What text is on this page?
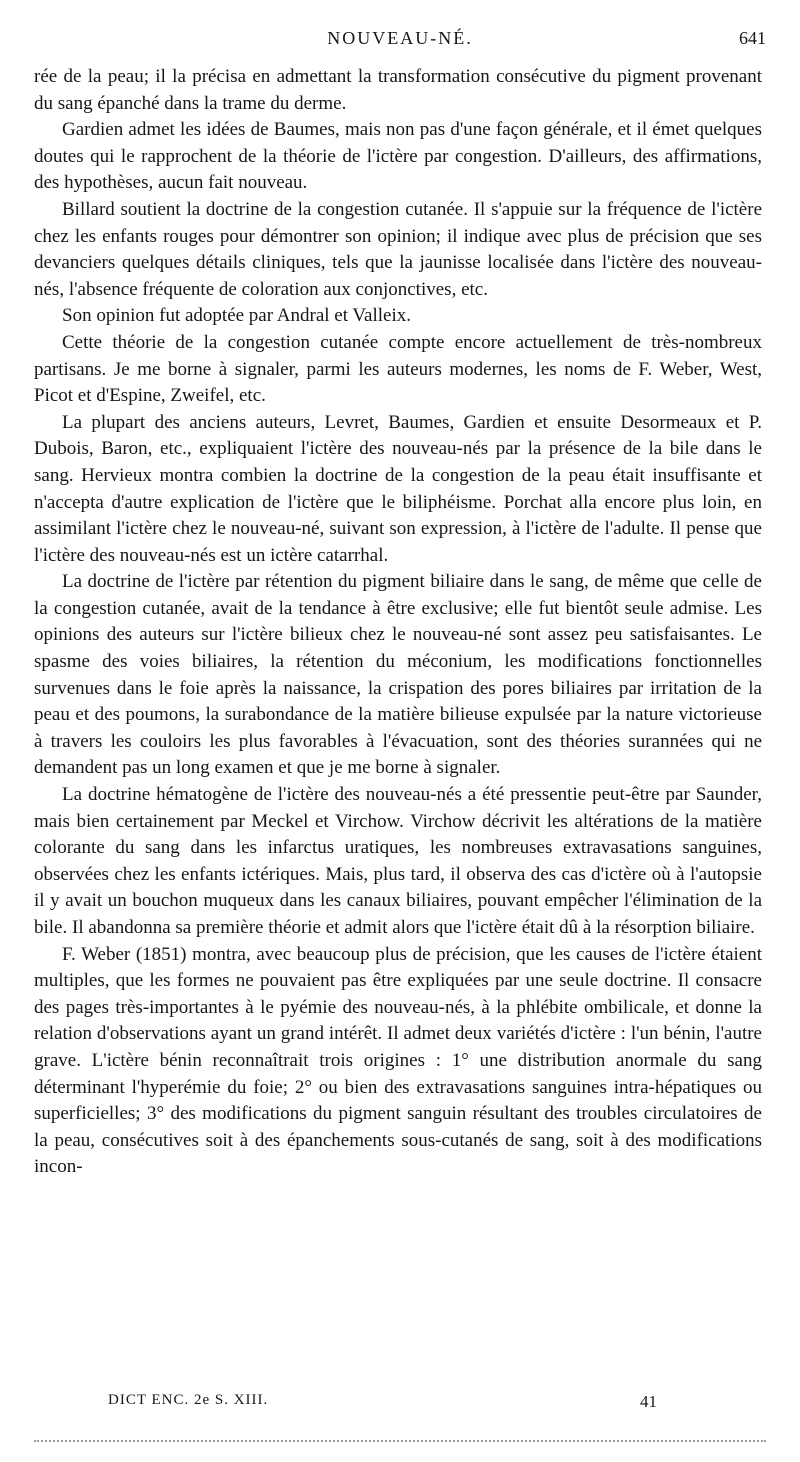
NOUVEAU-NÉ.	641

rée de la peau; il la précisa en admettant la transformation consécutive du pigment provenant du sang épanché dans la trame du derme.

Gardien admet les idées de Baumes, mais non pas d'une façon générale, et il émet quelques doutes qui le rapprochent de la théorie de l'ictère par congestion. D'ailleurs, des affirmations, des hypothèses, aucun fait nouveau.

Billard soutient la doctrine de la congestion cutanée. Il s'appuie sur la fréquence de l'ictère chez les enfants rouges pour démontrer son opinion; il indique avec plus de précision que ses devanciers quelques détails cliniques, tels que la jaunisse localisée dans l'ictère des nouveau-nés, l'absence fréquente de coloration aux conjonctives, etc.

Son opinion fut adoptée par Andral et Valleix.

Cette théorie de la congestion cutanée compte encore actuellement de très-nombreux partisans. Je me borne à signaler, parmi les auteurs modernes, les noms de F. Weber, West, Picot et d'Espine, Zweifel, etc.

La plupart des anciens auteurs, Levret, Baumes, Gardien et ensuite Desormeaux et P. Dubois, Baron, etc., expliquaient l'ictère des nouveau-nés par la présence de la bile dans le sang. Hervieux montra combien la doctrine de la congestion de la peau était insuffisante et n'accepta d'autre explication de l'ictère que le biliphéisme. Porchat alla encore plus loin, en assimilant l'ictère chez le nouveau-né, suivant son expression, à l'ictère de l'adulte. Il pense que l'ictère des nouveau-nés est un ictère catarrhal.

La doctrine de l'ictère par rétention du pigment biliaire dans le sang, de même que celle de la congestion cutanée, avait de la tendance à être exclusive; elle fut bientôt seule admise. Les opinions des auteurs sur l'ictère bilieux chez le nouveau-né sont assez peu satisfaisantes. Le spasme des voies biliaires, la rétention du méconium, les modifications fonctionnelles survenues dans le foie après la naissance, la crispation des pores biliaires par irritation de la peau et des poumons, la surabondance de la matière bilieuse expulsée par la nature victorieuse à travers les couloirs les plus favorables à l'évacuation, sont des théories surannées qui ne demandent pas un long examen et que je me borne à signaler.

La doctrine hématogène de l'ictère des nouveau-nés a été pressentie peut-être par Saunder, mais bien certainement par Meckel et Virchow. Virchow décrivit les altérations de la matière colorante du sang dans les infarctus uratiques, les nombreuses extravasations sanguines, observées chez les enfants ictériques. Mais, plus tard, il observa des cas d'ictère où à l'autopsie il y avait un bouchon muqueux dans les canaux biliaires, pouvant empêcher l'élimination de la bile. Il abandonna sa première théorie et admit alors que l'ictère était dû à la résorption biliaire.

F. Weber (1851) montra, avec beaucoup plus de précision, que les causes de l'ictère étaient multiples, que les formes ne pouvaient pas être expliquées par une seule doctrine. Il consacre des pages très-importantes à le pyémie des nouveau-nés, à la phlébite ombilicale, et donne la relation d'observations ayant un grand intérêt. Il admet deux variétés d'ictère : l'un bénin, l'autre grave. L'ictère bénin reconnaîtrait trois origines : 1° une distribution anormale du sang déterminant l'hyperémie du foie; 2° ou bien des extravasations sanguines intra-hépatiques ou superficielles; 3° des modifications du pigment sanguin résultant des troubles circulatoires de la peau, consécutives soit à des épanchements sous-cutanés de sang, soit à des modifications incon-

DICT ENC. 2e S. XIII.	41
